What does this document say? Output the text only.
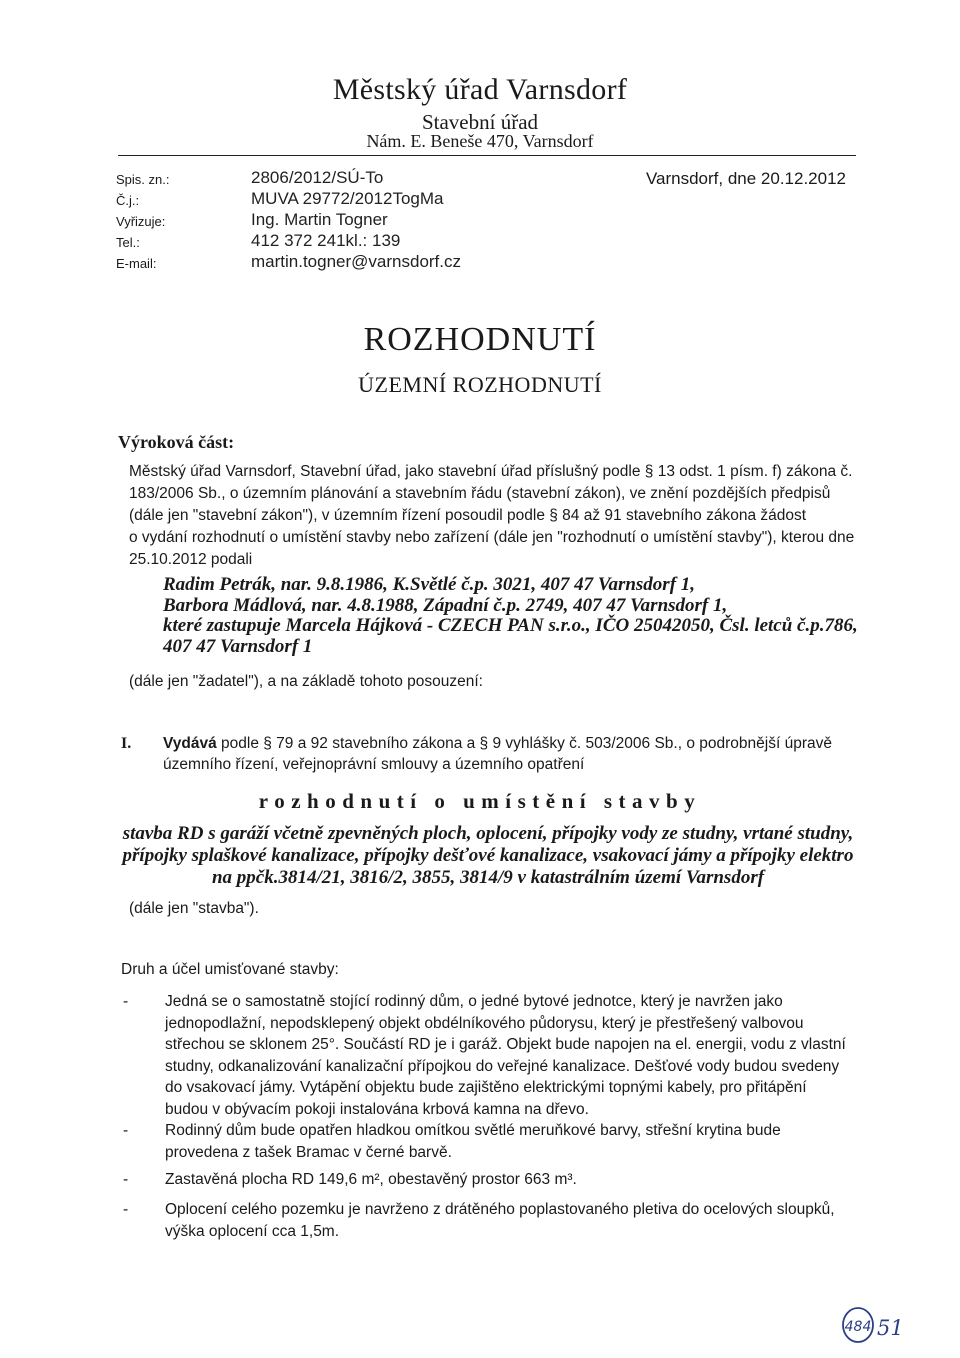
Městský úřad Varnsdorf
Stavební úřad
Nám. E. Beneše 470, Varnsdorf
Spis. zn.:	2806/2012/SÚ-To
Č.j.:	MUVA 29772/2012TogMa
Vyřizuje:	Ing. Martin Togner
Tel.:	412 372 241kl.: 139
E-mail:	martin.togner@varnsdorf.cz
Varnsdorf, dne 20.12.2012
ROZHODNUTÍ
ÚZEMNÍ ROZHODNUTÍ
Výroková část:

Městský úřad Varnsdorf, Stavební úřad, jako stavební úřad příslušný podle § 13 odst. 1 písm. f) zákona č.

183/2006 Sb., o územním plánování a stavebním řádu (stavební zákon), ve znění pozdějších předpisů

(dále jen "stavební zákon"), v územním řízení posoudil podle § 84 až 91 stavebního zákona žádost

o vydání rozhodnutí o umístění stavby nebo zařízení (dále jen "rozhodnutí o umístění stavby"), kterou dne

25.10.2012 podali

Radim Petrák, nar. 9.8.1986, K.Světlé č.p. 3021, 407 47 Varnsdorf 1,

Barbora Mádlová, nar. 4.8.1988, Západní č.p. 2749, 407 47 Varnsdorf 1,

které zastupuje Marcela Hájková - CZECH PAN s.r.o., IČO 25042050, Čsl. letců č.p.786,

407 47 Varnsdorf 1

(dále jen "žadatel"), a na základě tohoto posouzení:
I. Vydává podle § 79 a 92 stavebního zákona a § 9 vyhlášky č. 503/2006 Sb., o podrobnější úpravě
územního řízení, veřejnoprávní smlouvy a územního opatření
rozhodnutí o umístění stavby
stavba RD s garáží včetně zpevněných ploch, oplocení, přípojky vody ze studny, vrtané studny,
přípojky splaškové kanalizace, přípojky dešťové kanalizace, vsakovací jámy a přípojky elektro
na ppčk.3814/21, 3816/2, 3855, 3814/9 v katastrálním území Varnsdorf
(dále jen "stavba").
Druh a účel umisťované stavby:
- Jedná se o samostatně stojící rodinný dům, o jedné bytové jednotce, který je navržen jako
jednopodlažní, nepodsklepený objekt obdélníkového půdorysu, který je přestřešený valbovou
střechou se sklonem 25°. Součástí RD je i garáž. Objekt bude napojen na el. energii, vodu z vlastní
studny, odkanalizování kanalizační přípojkou do veřejné kanalizace. Dešťové vody budou svedeny
do vsakovací jámy. Vytápění objektu bude zajištěno elektrickými topnými kabely, pro přitápění
budou v obývacím pokoji instalována krbová kamna na dřevo.
- Rodinný dům bude opatřen hladkou omítkou světlé meruňkové barvy, střešní krytina bude
provedena z tašek Bramac v černé barvě.
- Zastavěná plocha RD 149,6 m², obestavěný prostor 663 m³.
- Oplocení celého pozemku je navrženo z drátěného poplastovaného pletiva do ocelových sloupků,
výška oplocení cca 1,5m.
484 51
